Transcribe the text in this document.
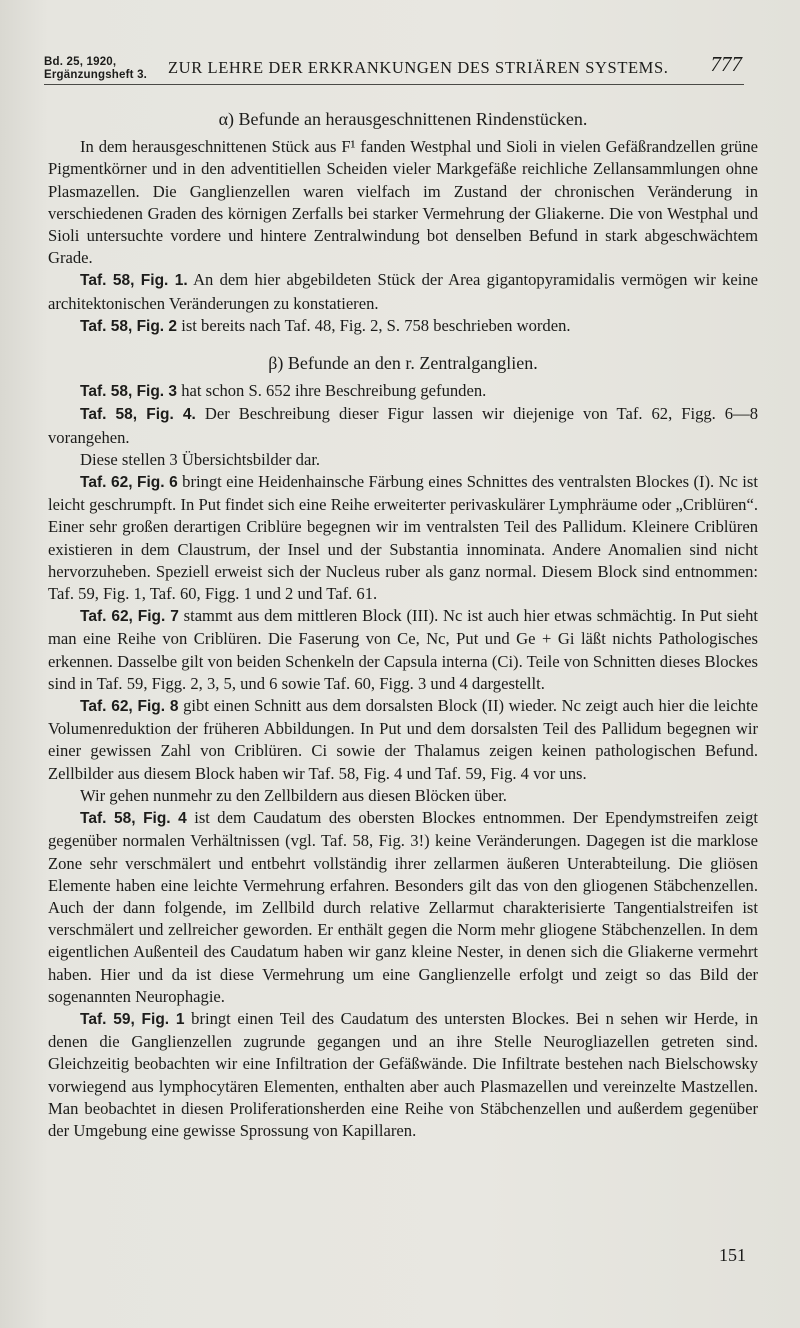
Bd. 25, 1920,
Ergänzungsheft 3. ZUR LEHRE DER ERKRANKUNGEN DES STRIÄREN SYSTEMS. 777
α) Befunde an herausgeschnittenen Rindenstücken.

In dem herausgeschnittenen Stück aus F¹ fanden Westphal und Sioli in vielen Gefäßrandzellen grüne Pigmentkörner und in den adventitiellen Scheiden vieler Markgefäße reichliche Zellansammlungen ohne Plasmazellen. Die Ganglienzellen waren vielfach im Zustand der chronischen Veränderung in verschiedenen Graden des körnigen Zerfalls bei starker Vermehrung der Gliakerne. Die von Westphal und Sioli untersuchte vordere und hintere Zentralwindung bot denselben Befund in stark abgeschwächtem Grade.

Taf. 58, Fig. 1. An dem hier abgebildeten Stück der Area gigantopyramidalis vermögen wir keine architektonischen Veränderungen zu konstatieren.

Taf. 58, Fig. 2 ist bereits nach Taf. 48, Fig. 2, S. 758 beschrieben worden.

β) Befunde an den r. Zentralganglien.

Taf. 58, Fig. 3 hat schon S. 652 ihre Beschreibung gefunden.

Taf. 58, Fig. 4. Der Beschreibung dieser Figur lassen wir diejenige von Taf. 62, Figg. 6—8 vorangehen.

Diese stellen 3 Übersichtsbilder dar.

Taf. 62, Fig. 6 bringt eine Heidenhainsche Färbung eines Schnittes des ventralsten Blockes (I). Nc ist leicht geschrumpft. In Put findet sich eine Reihe erweiterter perivaskulärer Lymphräume oder „Criblüren“. Einer sehr großen derartigen Criblüre begegnen wir im ventralsten Teil des Pallidum. Kleinere Criblüren existieren in dem Claustrum, der Insel und der Substantia innominata. Andere Anomalien sind nicht hervorzuheben. Speziell erweist sich der Nucleus ruber als ganz normal. Diesem Block sind entnommen: Taf. 59, Fig. 1, Taf. 60, Figg. 1 und 2 und Taf. 61.

Taf. 62, Fig. 7 stammt aus dem mittleren Block (III). Nc ist auch hier etwas schmächtig. In Put sieht man eine Reihe von Criblüren. Die Faserung von Ce, Nc, Put und Ge + Gi läßt nichts Pathologisches erkennen. Dasselbe gilt von beiden Schenkeln der Capsula interna (Ci). Teile von Schnitten dieses Blockes sind in Taf. 59, Figg. 2, 3, 5, und 6 sowie Taf. 60, Figg. 3 und 4 dargestellt.

Taf. 62, Fig. 8 gibt einen Schnitt aus dem dorsalsten Block (II) wieder. Nc zeigt auch hier die leichte Volumenreduktion der früheren Abbildungen. In Put und dem dorsalsten Teil des Pallidum begegnen wir einer gewissen Zahl von Criblüren. Ci sowie der Thalamus zeigen keinen pathologischen Befund. Zellbilder aus diesem Block haben wir Taf. 58, Fig. 4 und Taf. 59, Fig. 4 vor uns.

Wir gehen nunmehr zu den Zellbildern aus diesen Blöcken über.

Taf. 58, Fig. 4 ist dem Caudatum des obersten Blockes entnommen. Der Ependymstreifen zeigt gegenüber normalen Verhältnissen (vgl. Taf. 58, Fig. 3!) keine Veränderungen. Dagegen ist die marklose Zone sehr verschmälert und entbehrt vollständig ihrer zellarmen äußeren Unterabteilung. Die gliösen Elemente haben eine leichte Vermehrung erfahren. Besonders gilt das von den gliogenen Stäbchenzellen. Auch der dann folgende, im Zellbild durch relative Zellarmut charakterisierte Tangentialstreifen ist verschmälert und zellreicher geworden. Er enthält gegen die Norm mehr gliogene Stäbchenzellen. In dem eigentlichen Außenteil des Caudatum haben wir ganz kleine Nester, in denen sich die Gliakerne vermehrt haben. Hier und da ist diese Vermehrung um eine Ganglienzelle erfolgt und zeigt so das Bild der sogenannten Neurophagie.

Taf. 59, Fig. 1 bringt einen Teil des Caudatum des untersten Blockes. Bei n sehen wir Herde, in denen die Ganglienzellen zugrunde gegangen und an ihre Stelle Neurogliazellen getreten sind. Gleichzeitig beobachten wir eine Infiltration der Gefäßwände. Die Infiltrate bestehen nach Bielschowsky vorwiegend aus lymphocytären Elementen, enthalten aber auch Plasmazellen und vereinzelte Mastzellen. Man beobachtet in diesen Proliferationsherden eine Reihe von Stäbchenzellen und außerdem gegenüber der Umgebung eine gewisse Sprossung von Kapillaren.

151
